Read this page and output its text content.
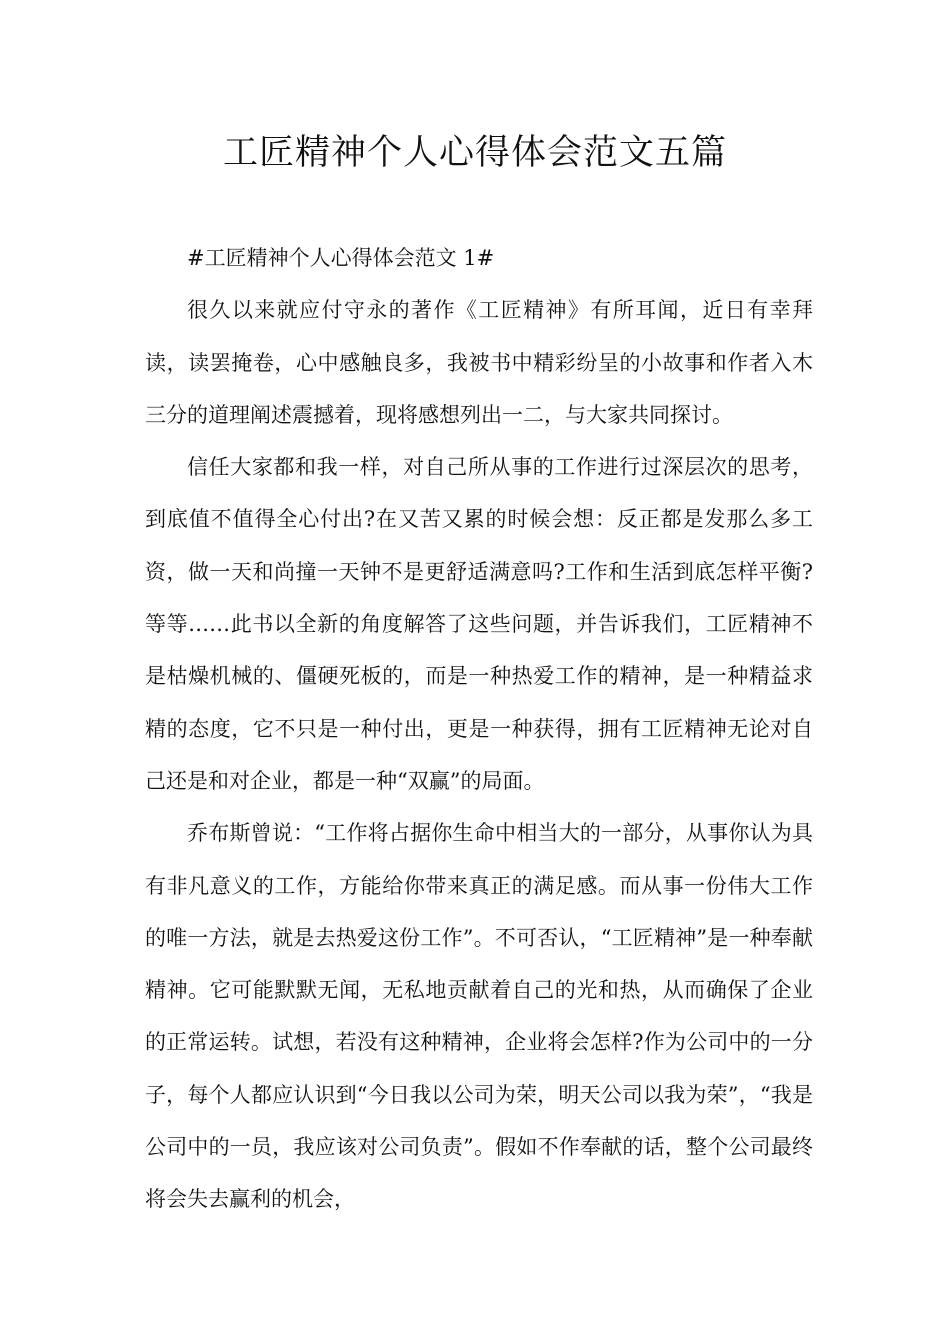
工匠精神个人心得体会范文五篇

#工匠精神个人心得体会范文 1#

很久以来就应付守永的著作《工匠精神》有所耳闻，近日有幸拜读，读罢掩卷，心中感触良多，我被书中精彩纷呈的小故事和作者入木三分的道理阐述震撼着，现将感想列出一二，与大家共同探讨。

信任大家都和我一样，对自己所从事的工作进行过深层次的思考，到底值不值得全心付出?在又苦又累的时候会想：反正都是发那么多工资，做一天和尚撞一天钟不是更舒适满意吗?工作和生活到底怎样平衡?等等……此书以全新的角度解答了这些问题，并告诉我们，工匠精神不是枯燥机械的、僵硬死板的，而是一种热爱工作的精神，是一种精益求精的态度，它不只是一种付出，更是一种获得，拥有工匠精神无论对自己还是和对企业，都是一种“双赢”的局面。

乔布斯曾说：“工作将占据你生命中相当大的一部分，从事你认为具有非凡意义的工作，方能给你带来真正的满足感。而从事一份伟大工作的唯一方法，就是去热爱这份工作”。不可否认，“工匠精神”是一种奉献精神。它可能默默无闻，无私地贡献着自己的光和热，从而确保了企业的正常运转。试想，若没有这种精神，企业将会怎样?作为公司中的一分子，每个人都应认识到“今日我以公司为荣，明天公司以我为荣”，“我是公司中的一员，我应该对公司负责”。假如不作奉献的话，整个公司最终将会失去赢利的机会，
